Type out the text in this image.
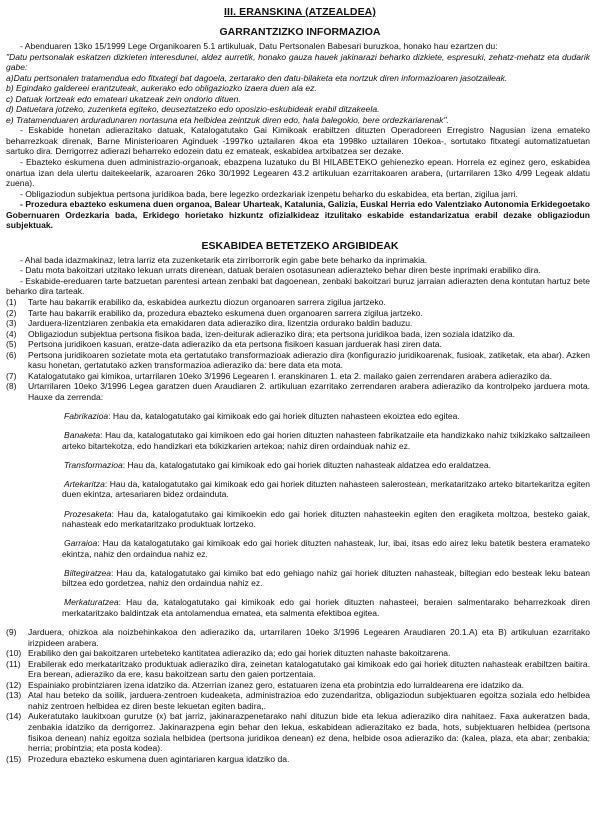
III. ERANSKINA (ATZEALDEA)
GARRANTZIZKO INFORMAZIOA

- Abenduaren 13ko 15/1999 Lege Organikoaren 5.1 artikuluak, Datu Pertsonalen Babesari buruzkoa, honako hau ezartzen du:

"Datu pertsonalak eskatzen dizkieten interesdunei, aldez aurretik, honako gauza hauek jakinarazi beharko dizkiete, espresuki, zehatz-mehatz eta dudarik gabe:

a)Datu pertsonalen tratamenduа edo fitxategi bat dagoela, zertarako den datu-bilaketa eta nortzuk diren informazioaren jasotzaileak.

b) Egindako galdereei erantzuteak, aukerako edo obligaziozko izaera duen ala ez.

c) Datuak lortzeak edo emateari ukatzeak zein ondorio dituen.

d) Datuetara jotzeko, zuzenketa egiteko, deuseztatzeko edo oposizio-eskubideak erabil ditzakeela.

e) Tratamenduaren arduradunaren nortasuna eta helbidea zeintzuk diren edo, hala balegokio, bere ordezkariarenak".

- Eskabide honetan adierazitako datuak, Katalogatutako Gai Kimikoak erabiltzen dituzten Operadoreen Erregistro Nagusian izena emateko beharrezkoak direnak, Barne Ministerioaren Aginduek -1997ko uztailaren 4koa eta 1998ko uztailaren 10ekoa-, sortutako fitxategi automatizatuetan sartuko dira. Derrigorrez adierazi beharreko edozein datu ez emateak, eskabidea artxibatzea ser dezake.

- Ebazteko eskumena duen administrazio-organoak, ebazpena luzatuko du BI HILABETEKO gehienezko epean. Horrela ez eginez gero, eskabidea onartua izan dela ulertu daitekeelarik, azaroaren 26ko 30/1992 Legearen 43.2 artikuluan ezarritakoaren arabera, (urtarrilaren 13ko 4/99 Legeak aldatu zuena).

- Obligaziodun subjektua pertsona juridikoa bada, bere legezko ordezkariak izenpetu beharko du eskabidea, eta bertan, zigilua jarri.

- Prozedura ebazteko eskumena duen organoa, Balear Uharteak, Katalunia, Galizia, Euskal Herria edo Valentziako Autonomia Erkidegoetako Gobernuaren Ordezkaria bada, Erkidego horietako hizkuntz ofizialkideaz itzulitako eskabide estandarizatua erabil dezake obligaziodun subjektuak.

ESKABIDEA BETETZEKO ARGIBIDEAK

- Ahal bada idazmakinaz, letra larriz eta zuzenketarik eta zirriborrorik egin gabe bete beharko da inprimakia.

- Datu mota bakoitzari utzitako lekuan urrats direnean, datuak beraien osotasunean adierazteko behar diren beste inprimaki erabiliko dira.

- Eskabide-ereduaren tarte batzuetan parentesi artean zenbaki bat dagoenean, zenbaki bakoitzari buruz jarraian adierazten dena kontutan hartuz bete beharko dira tarteak.

(1)	Tarte hau bakarrik erabiliko da, eskabidea aurkeztu diozun organoaren sarrera zigilua jartzeko.
(2)	Tarte hau bakarrik erabiliko da, prozedura ebazteko eskumena duen organoaren sarrera zigilua jartzeko.
(3)	Jarduera-lizentziaren zenbakia eta emakidaren data adieraziko dira, lizentzia ordurako baldin baduzu.
(4)	Obligaziodun subjektua pertsona fisikoa bada, izen-deiturak adieraziko dira; eta pertsona juridikoa bada, izen soziala idatziko da.
(5)	Pertsona juridikoen kasuan, eratze-data adieraziko da eta pertsona fisikoen kasuan jarduerak hasi ziren data.
(6)	Pertsona juridikoaren sozietate mota eta gertatutako transformazioak adierazio dira (konfigurazio juridikoarenak, fusioak, zatiketak, eta abar). Azken kasu honetan, gertatutako azken transformazioa adieraziko da: bere data eta mota.
(7)	Katalogatutako gai kimikoa, urtarrilaren 10eko 3/1996 Legearen I. eranskinaren 1. eta 2. mailako gaien zerrendaren arabera adieraziko da.
(8)	Urtarrilaren 10eko 3/1996 Legea garatzen duen Araudiaren 2. artikuluan ezarritako zerrendaren arabera adieraziko da kontrolpeko jarduera mota. Hauxe da zerrenda:

Fabrikazioa: Hau da, katalogatutako gai kimikoak edo gai horiek dituzten nahasteen ekoiztea edo egitea.

Banaketa: Hau da, katalogatutako gai kimikoen edo gai horien dituzten nahasteen fabrikatzaile eta handizkako nahiz txikizkako saltzaileen arteko bitartekotza, edo handizkari eta txikizkarien artekoa; nahiz diren ordainduak nahiz ez.

Transformazioa: Hau da, katalogatutako gai kimikoak edo gai horiek dituzten nahasteak aldatzea edo eraldatzea.

Artekaritza: Hau da, katalogatutako gai kimikoak edo gai horiek dituzten nahasteen salerostean, merkataritzako arteko bitartekaritza egiten duen ekintza, artesariaren bidez ordainduta.

Prozesaketa: Hau da, katalogatutako gai kimikoekin edo gai horiek dituzten nahasteekin egiten den eragiketa moltzoa, besteko gaiak, nahasteak edo merkataritzako produktuak lortzeko.

Garraioa: Hau da katalogatutako gai kimikoak edo gai horiek dituzten nahasteak, lur, ibai, itsas edo airez leku batetik bestera eramateko ekintza, nahiz den ordaindua nahiz ez.

Biltegiratzea: Hau da, katalogatutako gai kimiko bat edo gehiago nahiz gai horiek dituzten nahasteak, biltegian edo besteak leku batean biltzea edo gordetzea, nahiz den ordaindua nahiz ez.

Merkaturatzea: Hau da, katalogatutako gai kimikoak edo gai horiek dituzten nahasteei, beraien salmentarako beharrezkoak diren merkataritzako baldintzak eta antolamendua ematea, eta salmenta efektiboa egitea.

(9)	Jarduera, ohizkoa ala noizbehinkakoa den adieraziko da, urtarrilaren 10eko 3/1996 Legearen Araudiaren 20.1.A) eta B) artikuluan ezarritako irizpideen arabera.
(10) Erabiliko den gai bakoitzaren urtebeteko kantitatea adieraziko da; edo gai horiek dituzten nahaste bakoitzarena.
(11) Erabilerak edo merkataritzako produktuak adieraziko dira, zeinetan katalogatutako gai kimikoak edo gai horiek dituzten nahasteak erabiltzen baitira. Era berean, adieraziko da ere, kasu bakoitzean sartu den gaien portzentaia.
(12) Espainiako probintziaren izena idatziko da. Atzerrian izanez gero, estatuaren izena eta probintzia edo lurraldearena ere idatziko da.
(13) Atal hau beteko da soilik, jarduera-zentroen kudeaketa, administrazioa edo zuzendaritza, obligaziodun subjektuaren egoitza soziala edo helbidea nahiz zentroen helbidea ez diren beste lekuetan egiten badira,.
(14) Aukeratutako laukitxoan gurutze (x) bat jarriz, jakinarazpenetarako nahi dituzun bide eta lekua adieraziko dira nahitaez. Faxa aukeratzen bada, zenbakia idatziko da derrigorrez. Jakinarazpena egin behar den lekua, eskabidean adierazitako ez bada, hots, subjektuaren helbidea (pertsona fisikoa denean) nahiz egoitza soziala helbidea (pertsona juridikoa denean) ez dena, helbide osoa adieraziko da: (kalea, plaza, eta abar; zenbakia; herria; probintzia; eta posta kodea).
(15) Prozedura ebazteko eskumena duen agintariaren kargua idatziko da.
